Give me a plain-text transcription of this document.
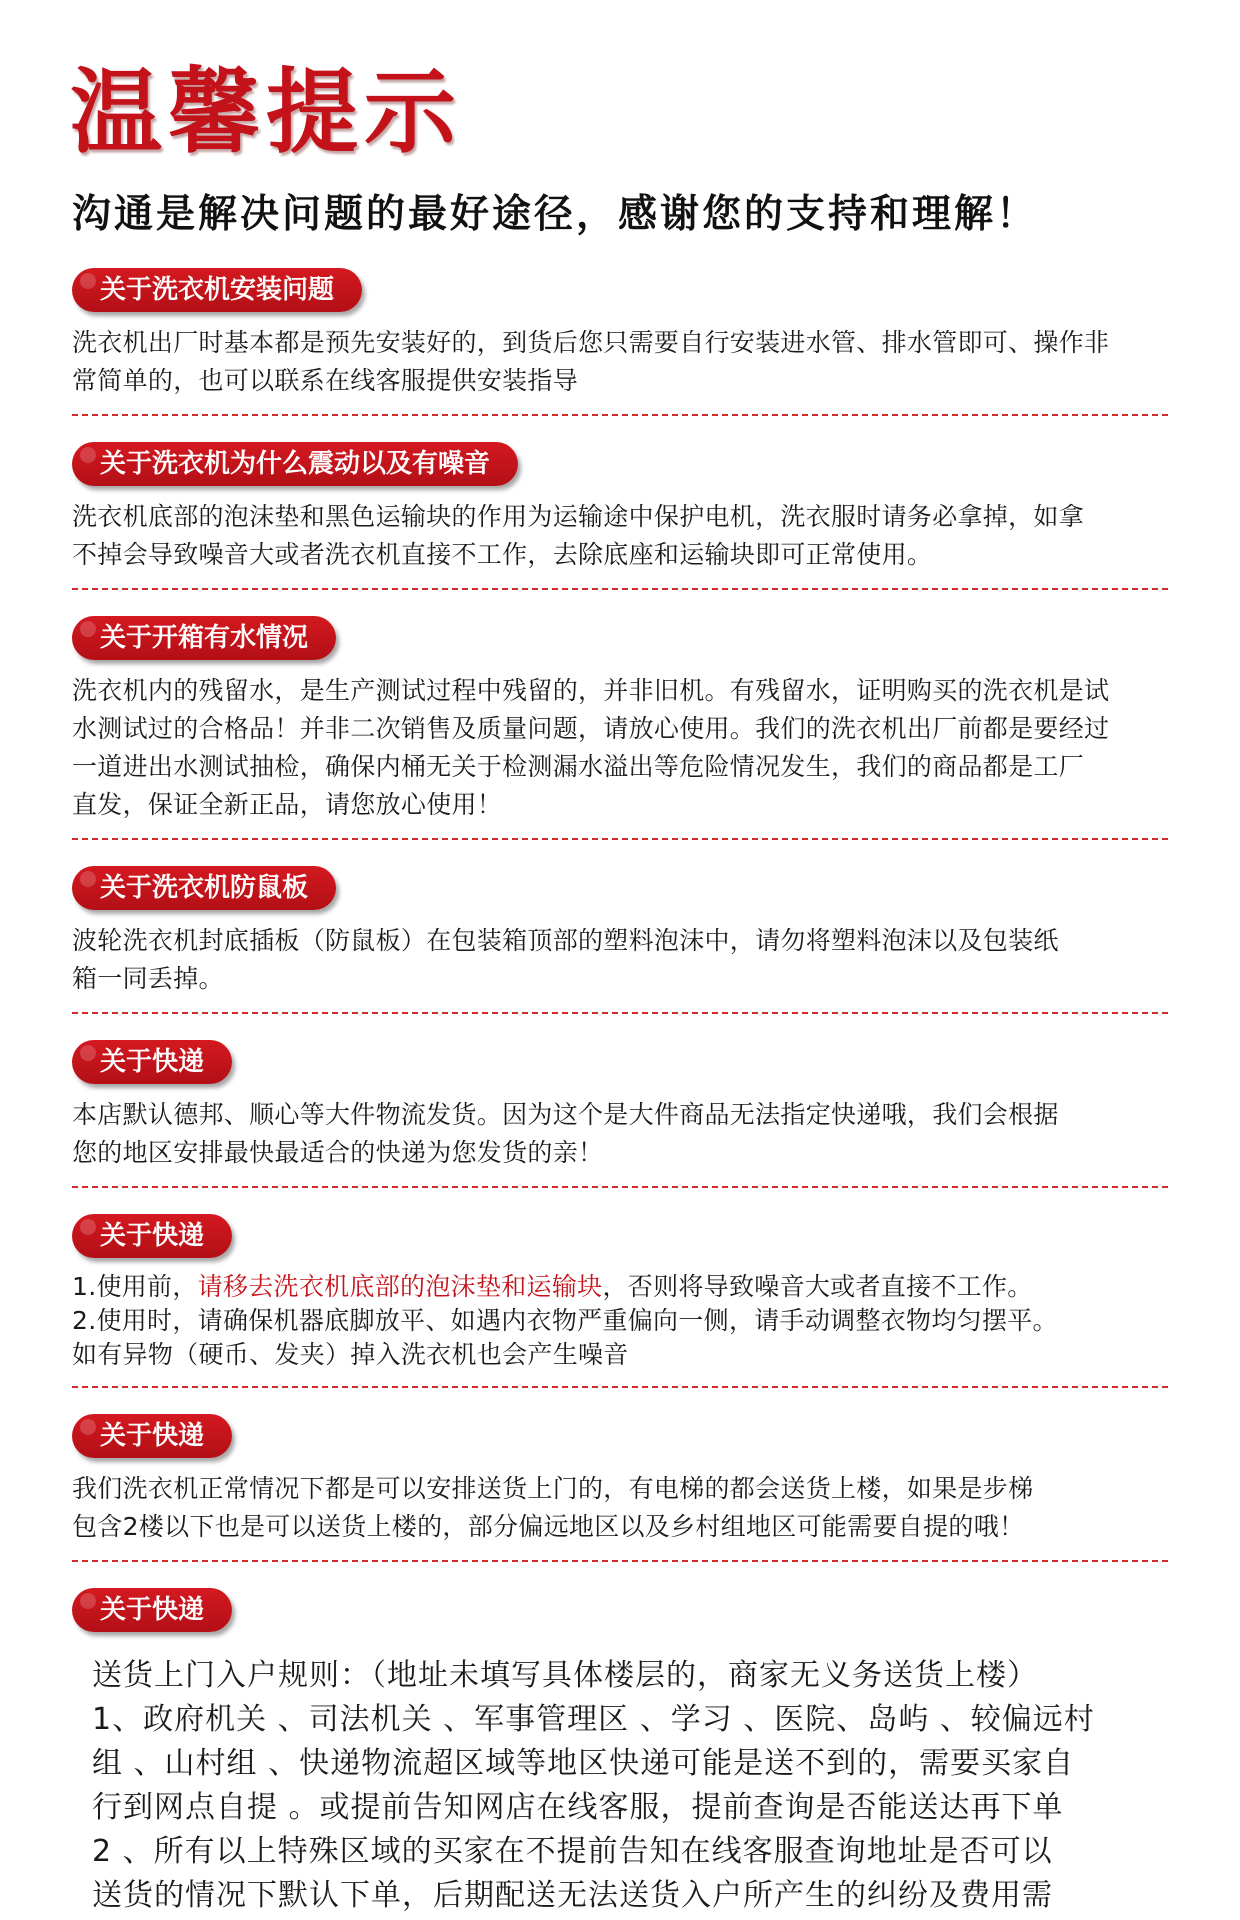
温馨提示
沟通是解决问题的最好途径，感谢您的支持和理解！
关于洗衣机安装问题

洗衣机出厂时基本都是预先安装好的，到货后您只需要自行安装进水管、排水管即可、操作非
常简单的，也可以联系在线客服提供安装指导

关于洗衣机为什么震动以及有噪音

洗衣机底部的泡沫垫和黑色运输块的作用为运输途中保护电机，洗衣服时请务必拿掉，如拿
不掉会导致噪音大或者洗衣机直接不工作，去除底座和运输块即可正常使用。

关于开箱有水情况

洗衣机内的残留水，是生产测试过程中残留的，并非旧机。有残留水，证明购买的洗衣机是试
水测试过的合格品！并非二次销售及质量问题，请放心使用。我们的洗衣机出厂前都是要经过
一道进出水测试抽检，确保内桶无关于检测漏水溢出等危险情况发生，我们的商品都是工厂
直发，保证全新正品，请您放心使用！

关于洗衣机防鼠板

波轮洗衣机封底插板（防鼠板）在包装箱顶部的塑料泡沫中，请勿将塑料泡沫以及包装纸
箱一同丢掉。

关于快递

本店默认德邦、顺心等大件物流发货。因为这个是大件商品无法指定快递哦，我们会根据
您的地区安排最快最适合的快递为您发货的亲！

关于快递

1.使用前，请移去洗衣机底部的泡沫垫和运输块，否则将导致噪音大或者直接不工作。
2.使用时，请确保机器底脚放平、如遇内衣物严重偏向一侧，请手动调整衣物均匀摆平。
如有异物（硬币、发夹）掉入洗衣机也会产生噪音

关于快递

我们洗衣机正常情况下都是可以安排送货上门的，有电梯的都会送货上楼，如果是步梯
包含2楼以下也是可以送货上楼的，部分偏远地区以及乡村组地区可能需要自提的哦！

关于快递

送货上门入户规则：（地址未填写具体楼层的，商家无义务送货上楼）
1、政府机关 、司法机关 、军事管理区 、学习 、医院、岛屿 、较偏远村
组 、山村组 、快递物流超区域等地区快递可能是送不到的，需要买家自
行到网点自提 。或提前告知网店在线客服，提前查询是否能送达再下单
2 、所有以上特殊区域的买家在不提前告知在线客服查询地址是否可以
送货的情况下默认下单，后期配送无法送货入户所产生的纠纷及费用需
